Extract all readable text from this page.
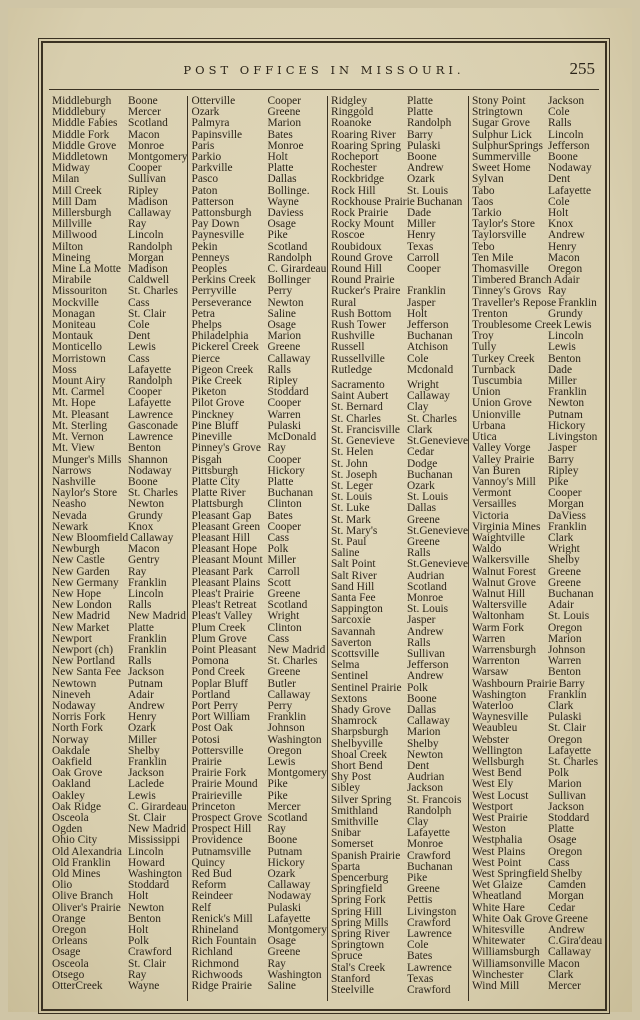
POST OFFICES IN MISSOURI.	255
Middleburgh	Boone
Middlebury	Mercer
Middle Fabies Scotland
Middle Fork	Macon
Middle Grove	Monroe
Middletown	Montgomery
Midway	Cooper
Milan	Sullivan
Mill Creek	Ripley
Mill Dam	Madison
Millersburgh	Callaway
Millville	Ray
Millwood	Lincoln
Milton	Randolph
Mineing	Morgan
Mine La Motte Madison
Mirabile	Caldwell
Missouriton	St. Charles
Mockville	Cass
Monagan	St. Clair
Moniteau	Cole
Montauk	Dent
Monticello	Lewis
Morristown	Cass
Moss	Lafayette
Mount Airy	Randolph
Mt. Carmel	Cooper
Mt. Hope	Lafayette
Mt. Pleasant	Lawrence
Mt. Sterling	Gasconade
Mt. Vernon	Lawrence
Mt. View	Benton
Munger's Mills Shannon
Narrows	Nodaway
Nashville	Boone
Naylor's Store St. Charles
Neasho	Newton
Nevada	Grundy
Newark	Knox
New Bloomfield Callaway
Newburgh	Macon
New Castle	Gentry
New Garden	Ray
New Germany Franklin
New Hope	Lincoln
New London	Ralls
New Madrid	New Madrid
New Market	Platte
Newport	Franklin
Newport (ch)	Franklin
New Portland	Ralls
New Santa Fee Jackson
Newtown	Putnam
Nineveh	Adair
Nodaway	Andrew
Norris Fork	Henry
North Fork	Ozark
Norway	Miller
Oakdale	Shelby
Oakfield	Franklin
Oak Grove	Jackson
Oakland	Laclede
Oakley	Lewis
Oak Ridge	C. Girardeau
Osceola	St. Clair
Ogden	New Madrid
Ohio City	Mississippi
Old Alexandria Lincoln
Old Franklin	Howard
Old Mines	Washington
Olio	Stoddard
Olive Branch	Holt
Oliver's Prairie Newton
Orange	Benton
Oregon	Holt
Orleans	Polk
Osage	Crawford
Osceola	St. Clair
Otsego	Ray
OtterCreek	Wayne
Otterville	Cooper
Ozark	Greene
Palmyra	Marion
Papinsville	Bates
Paris	Monroe
Parkio	Holt
Parkville	Platte
Pasco	Dallas
Paton	Bollinge.
Patterson	Wayne
Pattonsburgh	Daviess
Pay Down	Osage
Paynesville	Pike
Pekin	Scotland
Penneys	Randolph
Peoples	C. Girardeau
Perkins Creek	Bollinger
Perryville	Perry
Perseverance	Newton
Petra	Saline
Phelps	Osage
Philadelphia	Marion
Pickerel Creek Greene
Pierce	Callaway
Pigeon Creek	Ralls
Pike Creek	Ripley
Piketon	Stoddard
Pilot Grove	Cooper
Pinckney	Warren
Pine Bluff	Pulaski
Pineville	McDonald
Pinney's Grove Ray
Pisgah	Cooper
Pittsburgh	Hickory
Platte City	Platte
Platte River	Buchanan
Plattsburgh	Clinton
Pleasant Gap	Bates
Pleasant Green Cooper
Pleasant Hill	Cass
Pleasant Hope Polk
Pleasant Mount Miller
Pleasant Park	Carroll
Pleasant Plains Scott
Pleas't Prairie	Greene
Pleas't Retreat Scotland
Pleas't Valley	Wright
Plum Creek	Clinton
Plum Grove	Cass
Point Pleasant New Madrid
Pomona	St. Charles
Pond Creek	Greene
Poplar Bluff	Butler
Portland	Callaway
Port Perry	Perry
Port William	Franklin
Post Oak	Johnson
Potosi	Washington
Pottersville	Oregon
Prairie	Lewis
Prairie Fork	Montgomery
Prairie Mound Pike
Prairieville	Pike
Princeton	Mercer
Prospect Grove Scotland
Prospect Hill	Ray
Providence	Boone
Putnamsville	Putnam
Quincy	Hickory
Red Bud	Ozark
Reform	Callaway
Reindeer	Nodaway
Relf	Pulaski
Renick's Mill	Lafayette
Rhineland	Montgomery
Rich Fountain Osage
Richland	Greene
Richmond	Ray
Richwoods	Washington
Ridge Prairie	Saline
Ridgley	Platte
Ringgold	Platte
Roanoke	Randolph
Roaring River Barry
Roaring Spring Pulaski
Rocheport	Boone
Rochester	Andrew
Rockbridge	Ozark
Rock Hill	St. Louis
Rockhouse Prairie Buchanan
Rock Prairie	Dade
Rocky Mount	Miller
Roscoe	Henry
Roubidoux	Texas
Round Grove	Carroll
Round Hill	Cooper
Round Prairie
Rucker's Praire Franklin
Rural	Jasper
Rush Bottom	Holt
Rush Tower	Jefferson
Rushville	Buchanan
Russell	Atchison
Russellville	Cole
Rutledge	Mcdonald
Sacramento	Wright
Saint Aubert	Callaway
St. Bernard	Clay
St. Charles	St. Charles
St. Francisville Clark
St. Genevieve	St.Genevieve
St. Helen	Cedar
St. John	Dodge
St. Joseph	Buchanan
St. Leger	Ozark
St. Louis	St. Louis
St. Luke	Dallas
St. Mark	Greene
St. Mary's	St.Genevieve
St. Paul	Greene
Saline	Ralls
Salt Point	St.Genevieve
Salt River	Audrian
Sand Hill	Scotland
Santa Fee	Monroe
Sappington	St. Louis
Sarcoxie	Jasper
Savannah	Andrew
Saverton	Ralls
Scottsville	Sullivan
Selma	Jefferson
Sentinel	Andrew
Sentinel Prairie Polk
Sextons	Boone
Shady Grove	Dallas
Shamrock	Callaway
Sharpsburgh	Marion
Shelbyville	Shelby
Shoal Creek	Newton
Short Bend	Dent
Shy Post	Audrian
Sibley	Jackson
Silver Spring	St. Francois
Smithland	Randolph
Smithville	Clay
Snibar	Lafayette
Somerset	Monroe
Spanish Prairie Crawford
Sparta	Buchanan
Spencerburg	Pike
Springfield	Greene
Spring Fork	Pettis
Spring Hill	Livingston
Spring Mills	Crawford
Spring River	Lawrence
Springtown	Cole
Spruce	Bates
Stal's Creek	Lawrence
Stanford	Texas
Steelville	Crawford
Stony Point	Jackson
Stringtown	Cole
Sugar Grove	Ralls
Sulphur Lick	Lincoln
SulphurSprings Jefferson
Summerville	Boone
Sweet Home	Nodaway
Sylvan	Dent
Tabo	Lafayette
Taos	Cole
Tarkio	Holt
Taylor's Store	Knox
Taylorsville	Andrew
Tebo	Henry
Ten Mile	Macon
Thomasville	Oregon
Timbered Branch Adair
Tinney's Grovs Ray
Traveller's Repose Franklin
Trenton	Grundy
Troublesome Creek Lewis
Troy	Lincoln
Tully	Lewis
Turkey Creek	Benton
Turnback	Dade
Tuscumbia	Miller
Union	Franklin
Union Grove	Newton
Unionville	Putnam
Urbana	Hickory
Utica	Livingston
Valley Vorge	Jasper
Valley Prairie	Barry
Van Buren	Ripley
Vannoy's Mill	Pike
Vermont	Cooper
Versailles	Morgan
Victoria	DaViess
Virginia Mines Franklin
Waightville	Clark
Waldo	Wright
Walkersville	Shelby
Walnut Forest	Greene
Walnut Grove	Greene
Walnut Hill	Buchanan
Waltersville	Adair
Waltonham	St. Louis
Warm Fork	Oregon
Warren	Marion
Warrensburgh	Johnson
Warrenton	Warren
Warsaw	Benton
Washbourn Prairie Barry
Washington	Franklin
Waterloo	Clark
Waynesville	Pulaski
Weaubleu	St. Clair
Webster	Oregon
Wellington	Lafayette
Wellsburgh	St. Charles
West Bend	Polk
West Ely	Marion
West Locust	Sullivan
Westport	Jackson
West Prairie	Stoddard
Weston	Platte
Westphalia	Osage
West Plains	Oregon
West Point	Cass
West Springfield Shelby
Wet Glaize	Camden
Wheatland	Morgan
White Hare	Cedar
White Oak Grove Greene
Whitesville	Andrew
Whitewater	C.Gira'deau
Williamsburgh Callaway
Williamsonville Macon
Winchester	Clark
Wind Mill	Mercer
